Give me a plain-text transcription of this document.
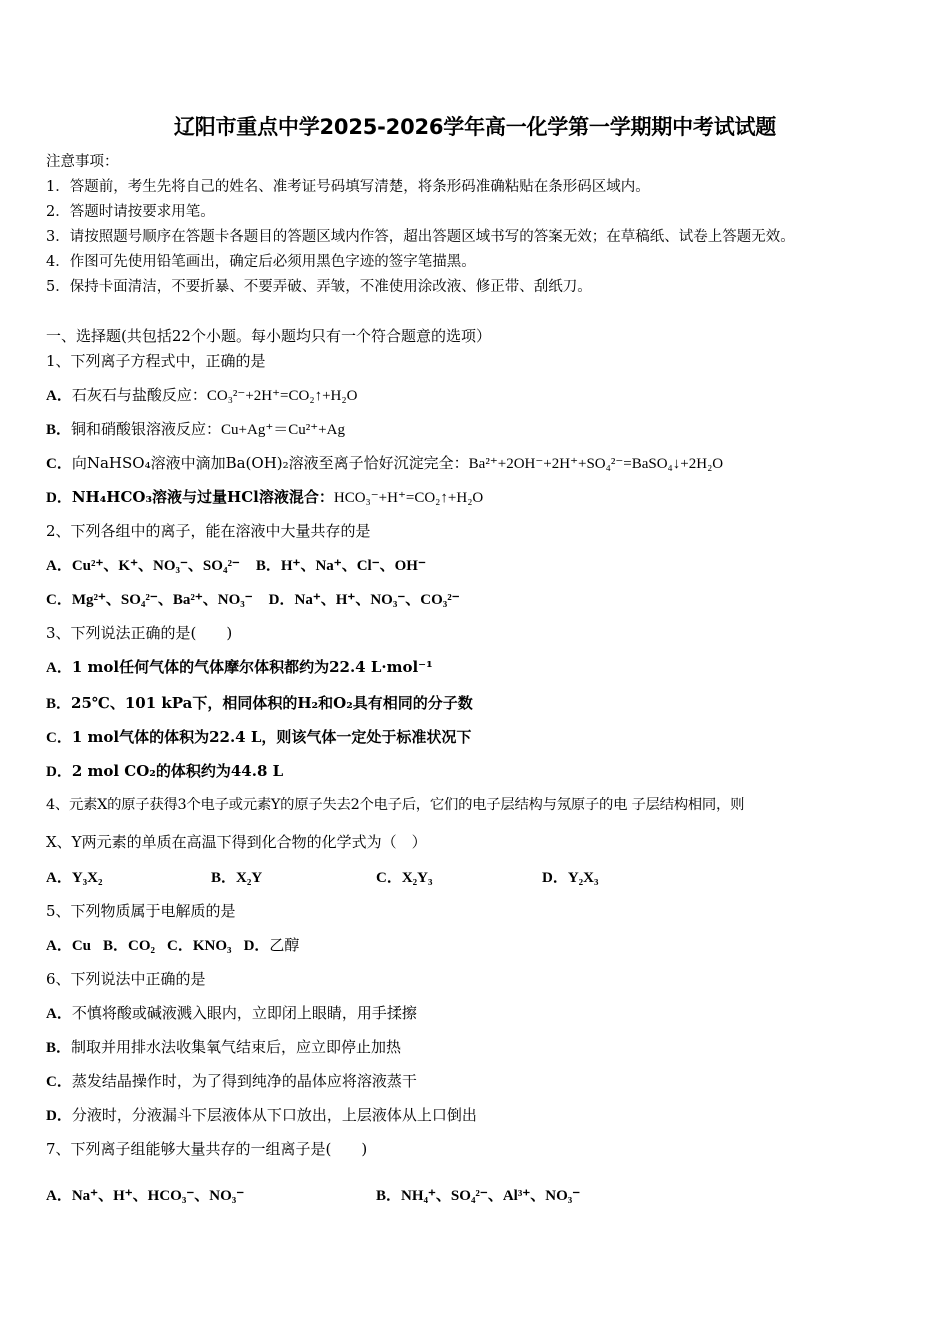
辽阳市重点中学2025-2026学年高一化学第一学期期中考试试题
注意事项：
1．答题前，考生先将自己的姓名、准考证号码填写清楚，将条形码准确粘贴在条形码区域内。
2．答题时请按要求用笔。
3．请按照题号顺序在答题卡各题目的答题区域内作答，超出答题区域书写的答案无效；在草稿纸、试卷上答题无效。
4．作图可先使用铅笔画出，确定后必须用黑色字迹的签字笔描黑。
5．保持卡面清洁，不要折暴、不要弄破、弄皱，不准使用涂改液、修正带、刮纸刀。
一、选择题(共包括22个小题。每小题均只有一个符合题意的选项）
1、下列离子方程式中，正确的是
A．石灰石与盐酸反应：CO₃²⁻+2H⁺=CO₂↑+H₂O
B．铜和硝酸银溶液反应：Cu+Ag⁺＝Cu²⁺+Ag
C．向NaHSO₄溶液中滴加Ba(OH)₂溶液至离子恰好沉淀完全：Ba²⁺+2OH⁻+2H⁺+SO₄²⁻=BaSO₄↓+2H₂O
D．NH₄HCO₃溶液与过量HCl溶液混合：HCO₃⁻+H⁺=CO₂↑+H₂O
2、下列各组中的离子，能在溶液中大量共存的是
A．Cu²⁺、K⁺、NO₃⁻、SO₄²⁻ B．H⁺、Na⁺、Cl⁻、OH⁻
C．Mg²⁺、SO₄²⁻、Ba²⁺、NO₃⁻ D．Na⁺、H⁺、NO₃⁻、CO₃²⁻
3、下列说法正确的是(　　)
A．1 mol任何气体的气体摩尔体积都约为22.4 L·mol⁻¹
B．25℃、101 kPa下，相同体积的H₂和O₂具有相同的分子数
C．1 mol气体的体积为22.4 L，则该气体一定处于标准状况下
D．2 mol CO₂的体积约为44.8 L
4、元素X的原子获得3个电子或元素Y的原子失去2个电子后，它们的电子层结构与氖原子的电 子层结构相同，则
X、Y两元素的单质在高温下得到化合物的化学式为（　）
A．Y₃X₂	B．X₂Y	C．X₂Y₃	D．Y₂X₃
5、下列物质属于电解质的是
A．Cu B．CO₂ C．KNO₃ D．乙醇
6、下列说法中正确的是
A．不慎将酸或碱液溅入眼内，立即闭上眼睛，用手揉擦
B．制取并用排水法收集氧气结束后，应立即停止加热
C．蒸发结晶操作时，为了得到纯净的晶体应将溶液蒸干
D．分液时，分液漏斗下层液体从下口放出，上层液体从上口倒出
7、下列离子组能够大量共存的一组离子是(　　)
A．Na⁺、H⁺、HCO₃⁻、NO₃⁻	B．NH₄⁺、SO₄²⁻、Al³⁺、NO₃⁻
